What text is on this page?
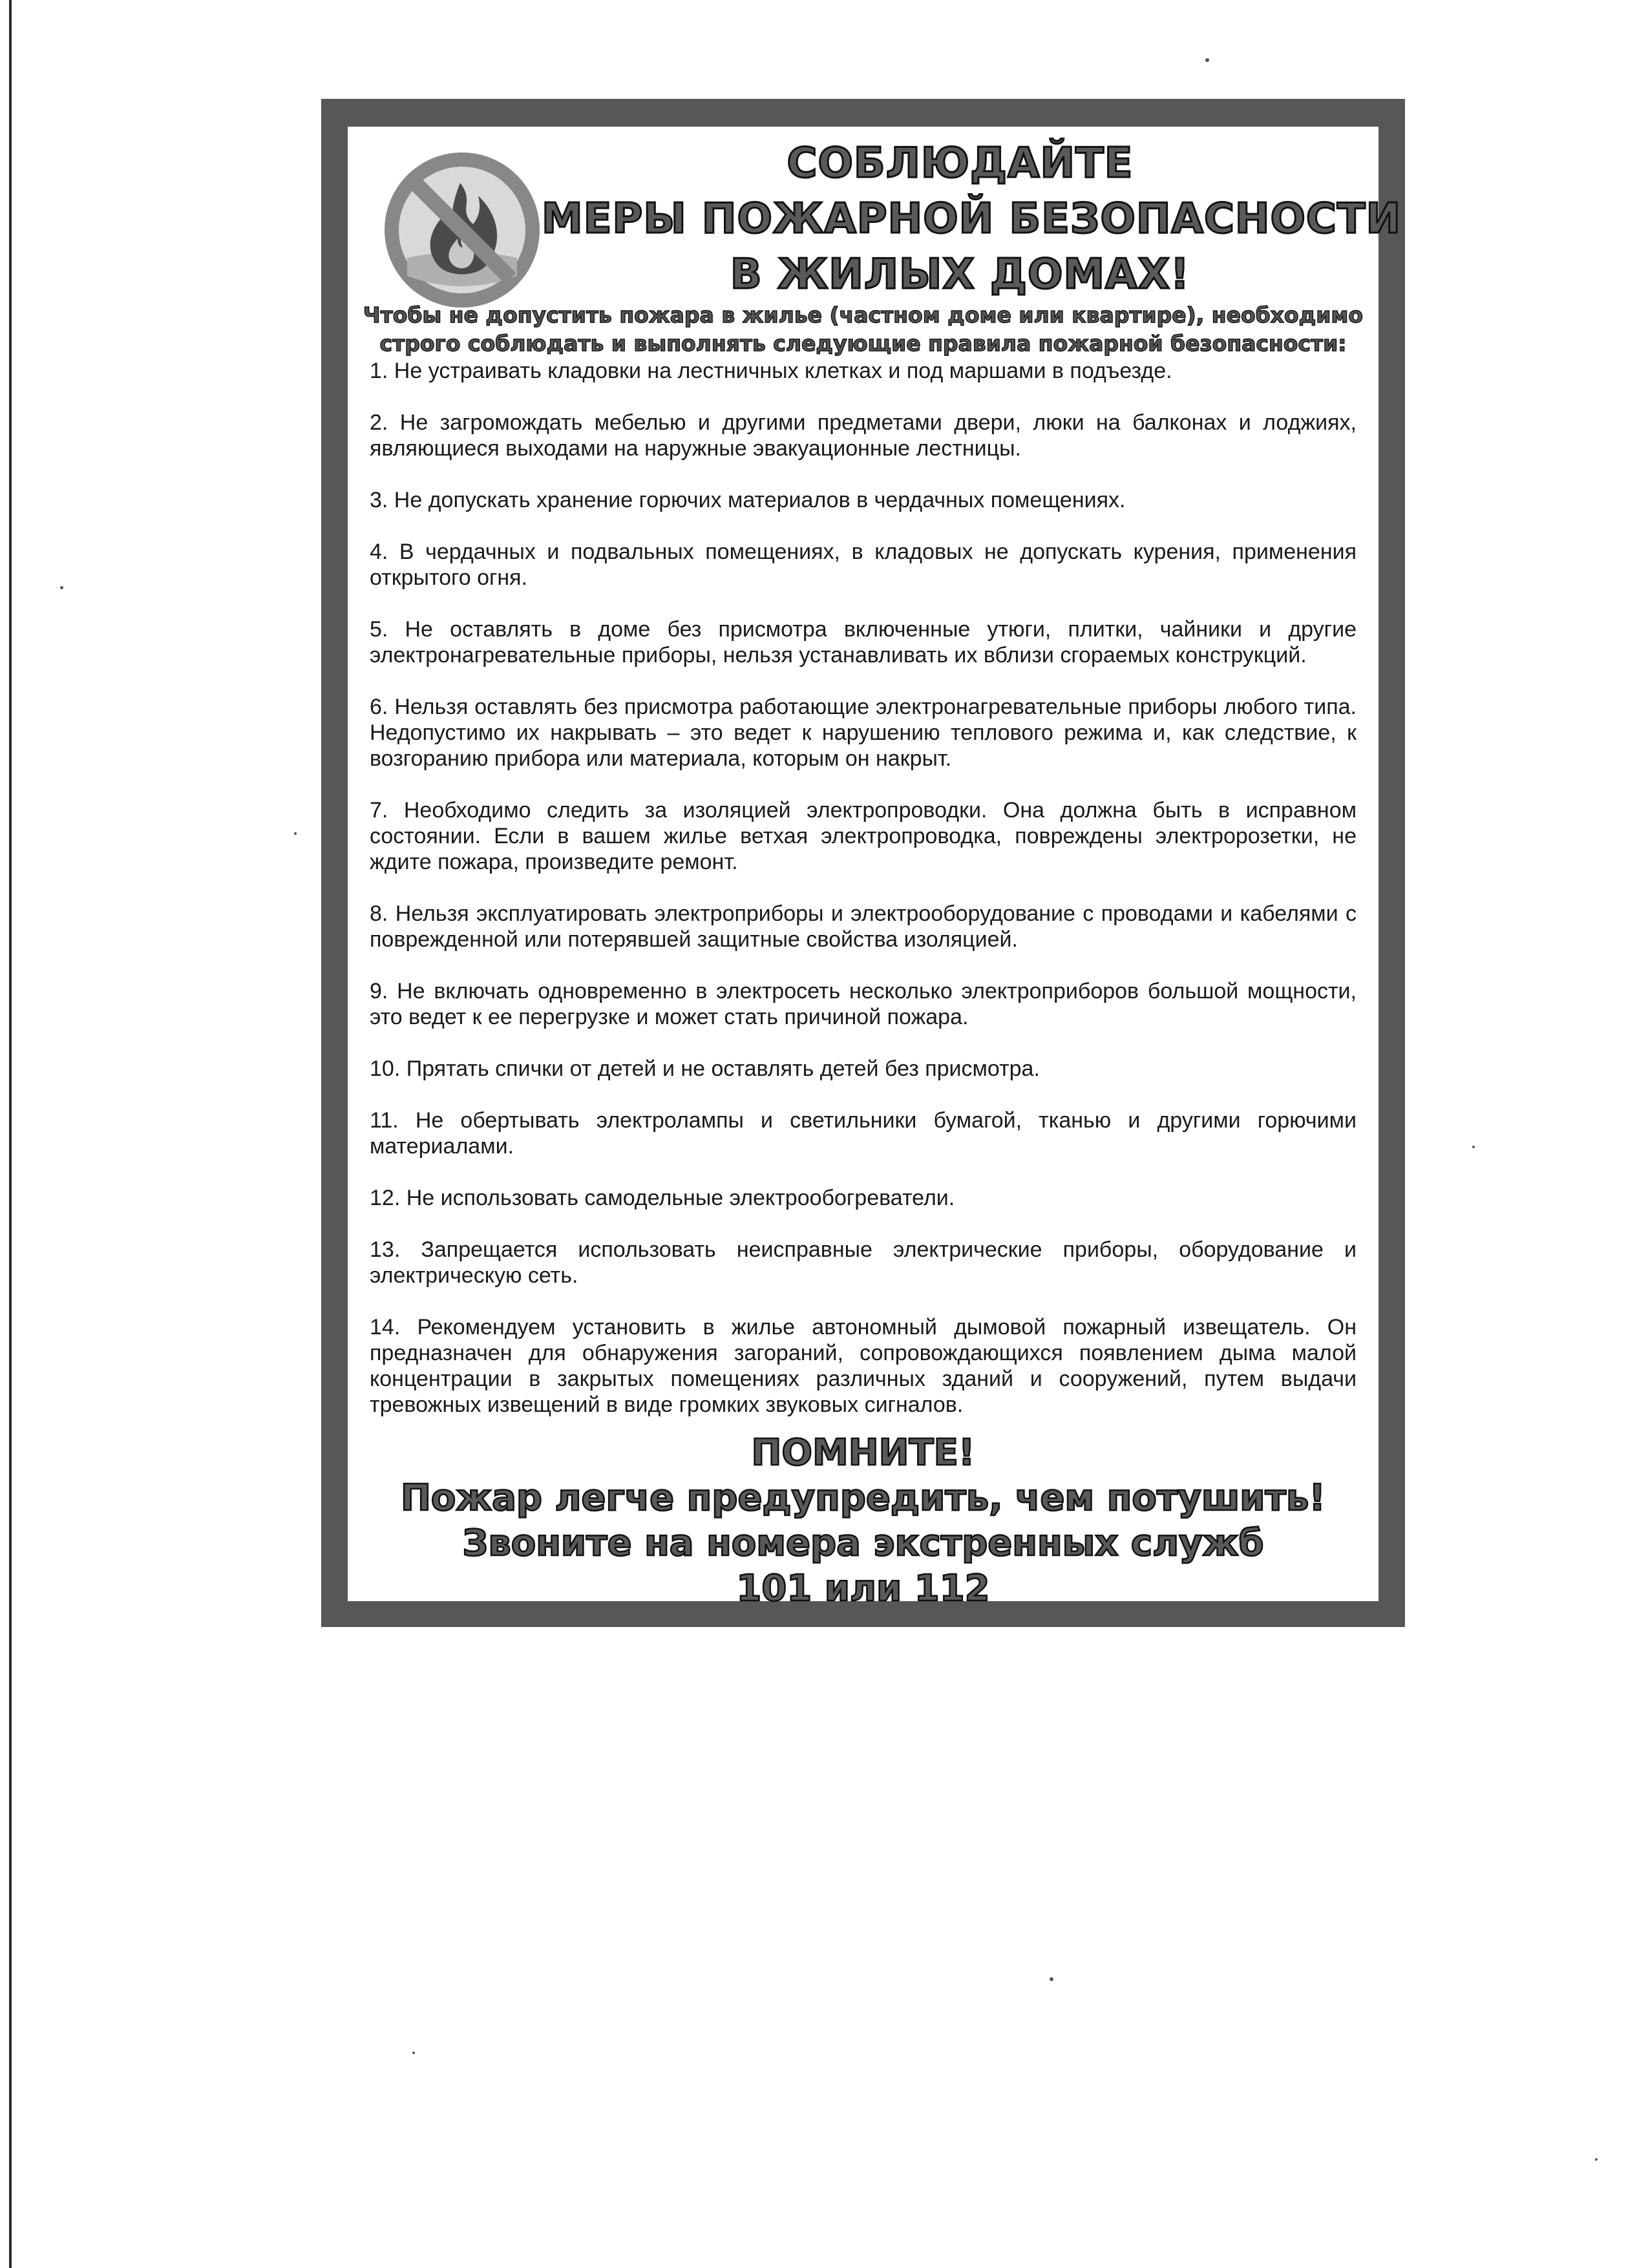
СОБЛЮДАЙТЕ
МЕРЫ ПОЖАРНОЙ БЕЗОПАСНОСТИ
В ЖИЛЫХ ДОМАХ!
Чтобы не допустить пожара в жилье (частном доме или квартире), необходимо
строго соблюдать и выполнять следующие правила пожарной безопасности:
1. Не устраивать кладовки на лестничных клетках и под маршами в подъезде.
2. Не загромождать мебелью и другими предметами двери, люки на балконах и лоджиях, являющиеся выходами на наружные эвакуационные лестницы.
3. Не допускать хранение горючих материалов в чердачных помещениях.
4. В чердачных и подвальных помещениях, в кладовых не допускать курения, применения открытого огня.
5. Не оставлять в доме без присмотра включенные утюги, плитки, чайники и другие электронагревательные приборы, нельзя устанавливать их вблизи сгораемых конструкций.
6. Нельзя оставлять без присмотра работающие электронагревательные приборы любого типа. Недопустимо их накрывать – это ведет к нарушению теплового режима и, как следствие, к возгоранию прибора или материала, которым он накрыт.
7. Необходимо следить за изоляцией электропроводки. Она должна быть в исправном состоянии. Если в вашем жилье ветхая электропроводка, повреждены электророзетки, не ждите пожара, произведите ремонт.
8. Нельзя эксплуатировать электроприборы и электрооборудование с проводами и кабелями с поврежденной или потерявшей защитные свойства изоляцией.
9. Не включать одновременно в электросеть несколько электроприборов большой мощности, это ведет к ее перегрузке и может стать причиной пожара.
10. Прятать спички от детей и не оставлять детей без присмотра.
11. Не обертывать электролампы и светильники бумагой, тканью и другими горючими материалами.
12. Не использовать самодельные электрообогреватели.
13. Запрещается использовать неисправные электрические приборы, оборудование и электрическую сеть.
14. Рекомендуем установить в жилье автономный дымовой пожарный извещатель. Он предназначен для обнаружения загораний, сопровождающихся появлением дыма малой концентрации в закрытых помещениях различных зданий и сооружений, путем выдачи тревожных извещений в виде громких звуковых сигналов.
ПОМНИТЕ!
Пожар легче предупредить, чем потушить!
Звоните на номера экстренных служб
101 или 112
